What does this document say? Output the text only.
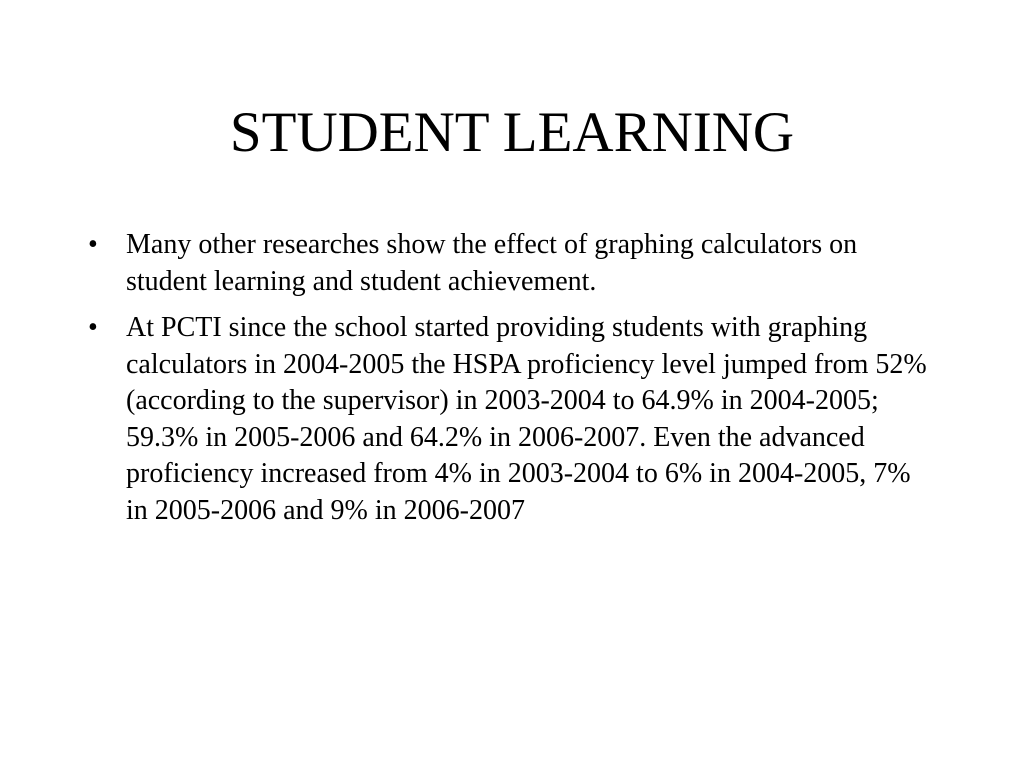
STUDENT LEARNING
•	Many other researches show the effect of graphing calculators on student learning and student achievement.
•	At PCTI since the school started providing students with graphing calculators in 2004-2005 the HSPA proficiency level jumped from 52% (according to the supervisor) in 2003-2004 to 64.9% in 2004-2005; 59.3% in 2005-2006 and 64.2% in 2006-2007. Even the advanced proficiency increased from 4% in 2003-2004 to 6% in 2004-2005, 7% in 2005-2006 and 9% in 2006-2007
